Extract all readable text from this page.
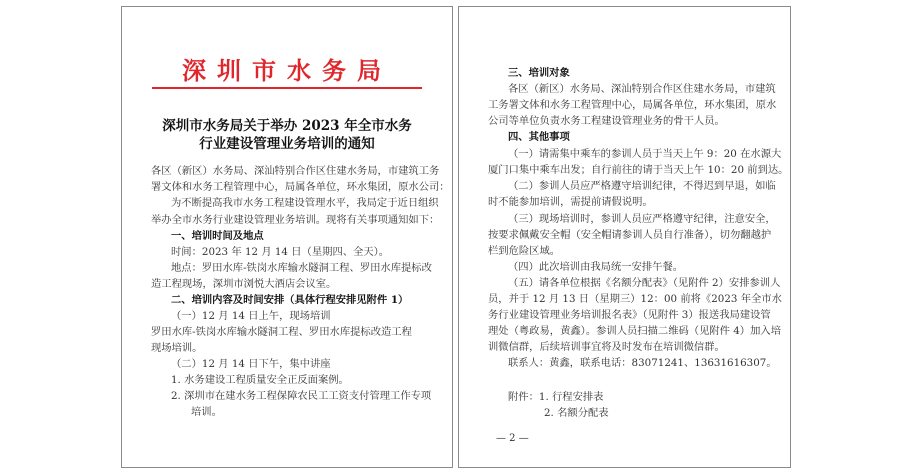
深圳市水务局
深圳市水务局关于举办 2023 年全市水务
行业建设管理业务培训的通知
各区（新区）水务局、深汕特别合作区住建水务局，市建筑工务
署文体和水务工程管理中心，局属各单位，环水集团，原水公司：
为不断提高我市水务工程建设管理水平，我局定于近日组织
举办全市水务行业建设管理业务培训。现将有关事项通知如下：
一、培训时间及地点
时间：2023 年 12 月 14 日（星期四、全天）。
地点：罗田水库-铁岗水库输水隧洞工程、罗田水库提标改
造工程现场，深圳市浏悦大酒店会议室。
二、培训内容及时间安排（具体行程安排见附件 1）
（一）12 月 14 日上午，现场培训
罗田水库-铁岗水库输水隧洞工程、罗田水库提标改造工程
现场培训。
（二）12 月 14 日下午，集中讲座
1. 水务建设工程质量安全正反面案例。
2. 深圳市在建水务工程保障农民工工资支付管理工作专项
培训。
三、培训对象
各区（新区）水务局、深汕特别合作区住建水务局，市建筑
工务署文体和水务工程管理中心，局属各单位，环水集团，原水
公司等单位负责水务工程建设管理业务的骨干人员。
四、其他事项
（一）请需集中乘车的参训人员于当天上午 9：20 在水源大
厦门口集中乘车出发；自行前往的请于当天上午 10：20 前到达。
（二）参训人员应严格遵守培训纪律，不得迟到早退，如临
时不能参加培训，需提前请假说明。
（三）现场培训时，参训人员应严格遵守纪律，注意安全，
按要求佩戴安全帽（安全帽请参训人员自行准备），切勿翻越护
栏到危险区域。
（四）此次培训由我局统一安排午餐。
（五）请各单位根据《名额分配表》（见附件 2）安排参训人
员，并于 12 月 13 日（星期三）12：00 前将《2023 年全市水
务行业建设管理业务培训报名表》（见附件 3）报送我局建设管
理处（粤政易，黄鑫）。参训人员扫描二维码（见附件 4）加入培
训微信群，后续培训事宜将及时发布在培训微信群。
联系人：黄鑫，联系电话：83071241、13631616307。
附件：1. 行程安排表
2. 名额分配表
— 2 —
